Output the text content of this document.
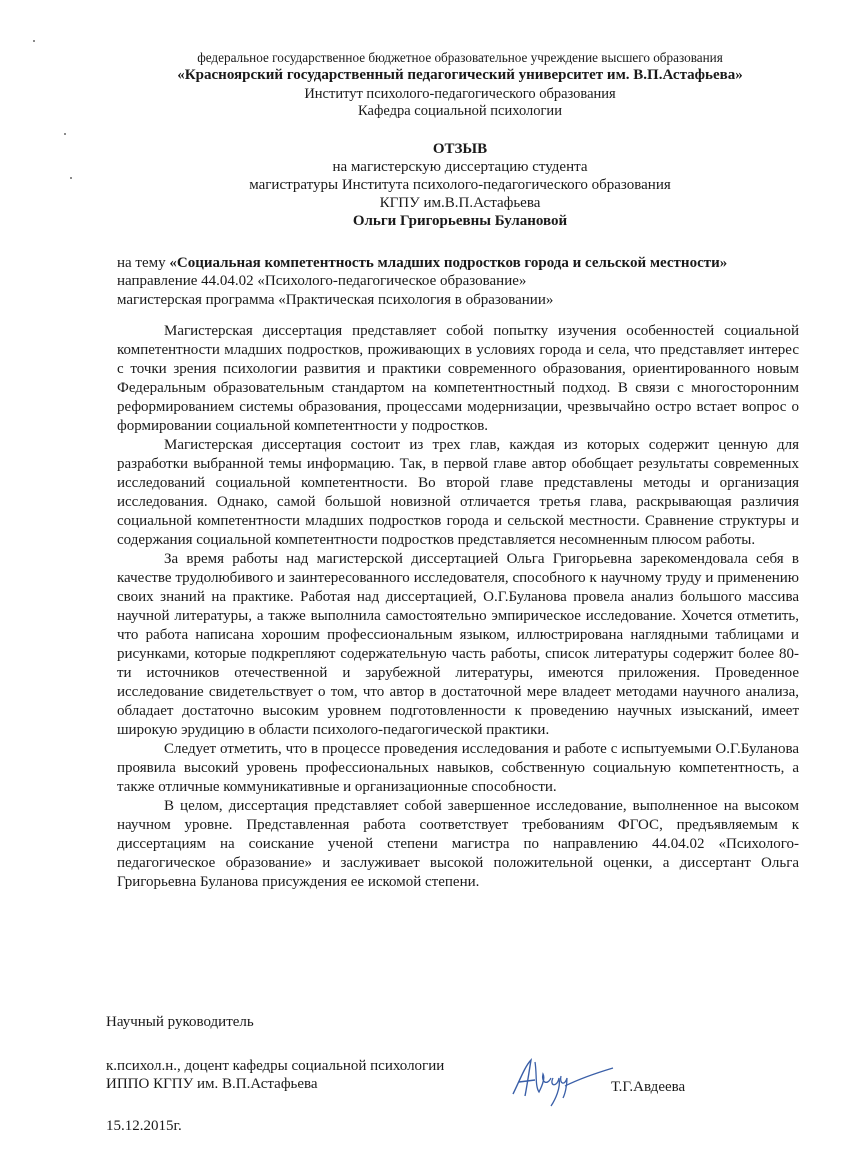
федеральное государственное бюджетное образовательное учреждение высшего образования
«Красноярский государственный педагогический университет им. В.П.Астафьева»
Институт психолого-педагогического образования
Кафедра социальной психологии
ОТЗЫВ
на магистерскую диссертацию студента
магистратуры Института психолого-педагогического образования
КГПУ им.В.П.Астафьева
Ольги Григорьевны Булановой
на тему «Социальная компетентность младших подростков города и сельской местности»
направление 44.04.02 «Психолого-педагогическое образование»
магистерская программа «Практическая психология в образовании»

Магистерская диссертация представляет собой попытку изучения особенностей социальной компетентности младших подростков, проживающих в условиях города и села, что представляет интерес с точки зрения психологии развития и практики современного образования, ориентированного новым Федеральным образовательным стандартом на компетентностный подход. В связи с многосторонним реформированием системы образования, процессами модернизации, чрезвычайно остро встает вопрос о формировании социальной компетентности у подростков.

Магистерская диссертация состоит из трех глав, каждая из которых содержит ценную для разработки выбранной темы информацию. Так, в первой главе автор обобщает результаты современных исследований социальной компетентности. Во второй главе представлены методы и организация исследования. Однако, самой большой новизной отличается третья глава, раскрывающая различия социальной компетентности младших подростков города и сельской местности. Сравнение структуры и содержания социальной компетентности подростков представляется несомненным плюсом работы.

За время работы над магистерской диссертацией Ольга Григорьевна зарекомендовала себя в качестве трудолюбивого и заинтересованного исследователя, способного к научному труду и применению своих знаний на практике. Работая над диссертацией, О.Г.Буланова провела анализ большого массива научной литературы, а также выполнила самостоятельно эмпирическое исследование. Хочется отметить, что работа написана хорошим профессиональным языком, иллюстрирована наглядными таблицами и рисунками, которые подкрепляют содержательную часть работы, список литературы содержит более 80-ти источников отечественной и зарубежной литературы, имеются приложения. Проведенное исследование свидетельствует о том, что автор в достаточной мере владеет методами научного анализа, обладает достаточно высоким уровнем подготовленности к проведению научных изысканий, имеет широкую эрудицию в области психолого-педагогической практики.

Следует отметить, что в процессе проведения исследования и работе с испытуемыми О.Г.Буланова проявила высокий уровень профессиональных навыков, собственную социальную компетентность, а также отличные коммуникативные и организационные способности.

В целом, диссертация представляет собой завершенное исследование, выполненное на высоком научном уровне. Представленная работа соответствует требованиям ФГОС, предъявляемым к диссертациям на соискание ученой степени магистра по направлению 44.04.02 «Психолого-педагогическое образование» и заслуживает высокой положительной оценки, а диссертант Ольга Григорьевна Буланова присуждения ее искомой степени.

Научный руководитель
к.психол.н., доцент кафедры социальной психологии
ИППО КГПУ им. В.П.Астафьева	Т.Г.Авдеева
15.12.2015г.
